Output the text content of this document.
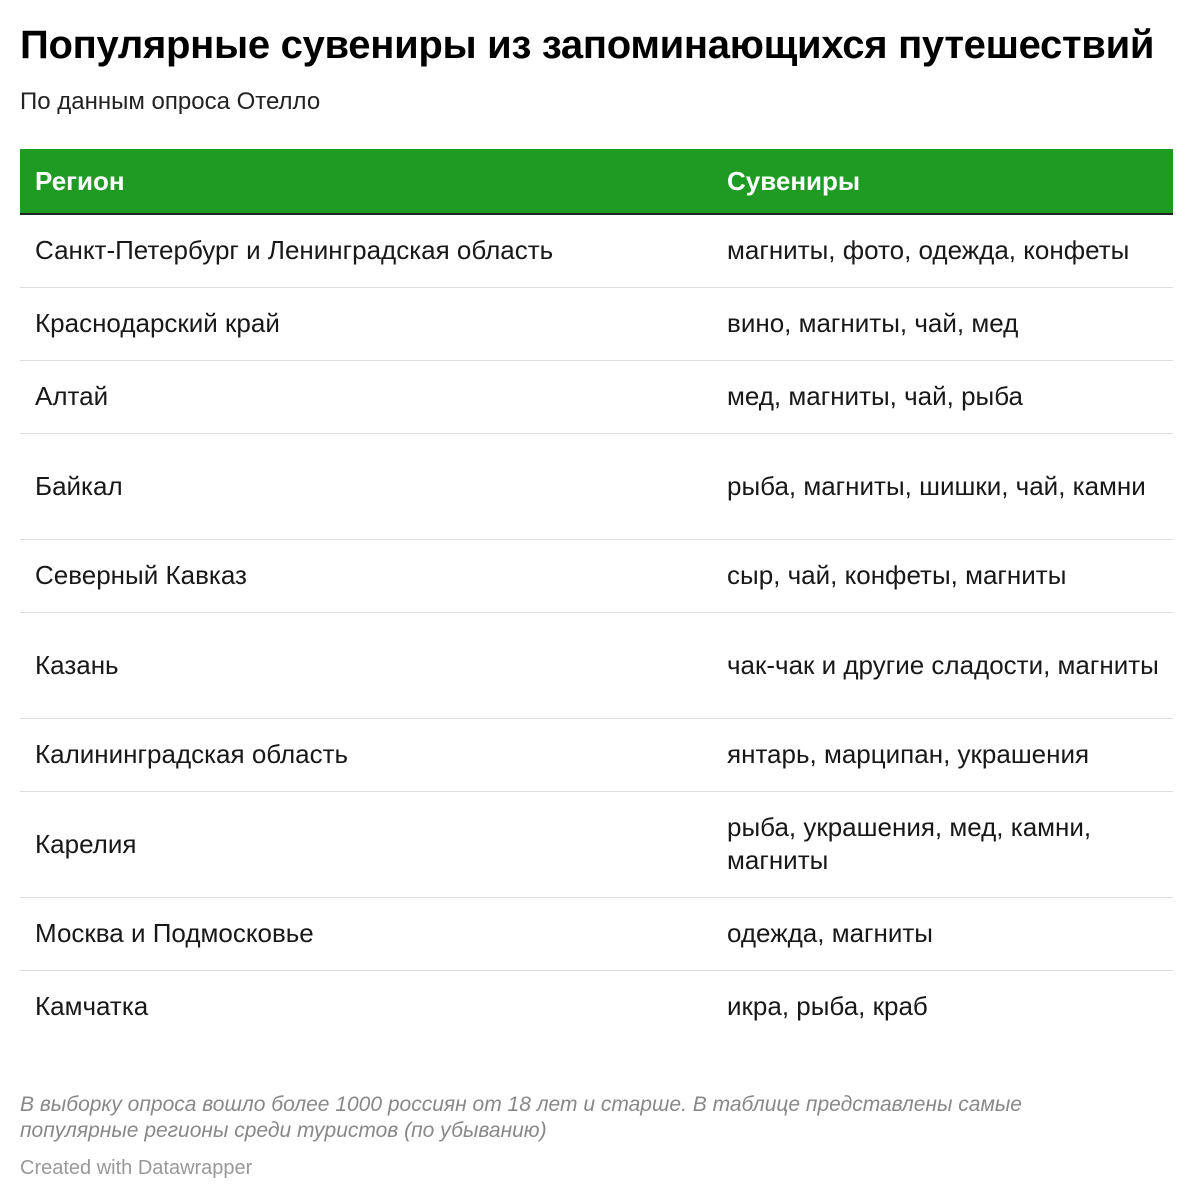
Популярные сувениры из запоминающихся путешествий

По данным опроса Отелло

Регион	Сувениры
Санкт-Петербург и Ленинградская область	магниты, фото, одежда, конфеты
Краснодарский край	вино, магниты, чай, мед
Алтай	мед, магниты, чай, рыба
Байкал	рыба, магниты, шишки, чай, камни
Северный Кавказ	сыр, чай, конфеты, магниты
Казань	чак-чак и другие сладости, магниты
Калининградская область	янтарь, марципан, украшения
Карелия	рыба, украшения, мед, камни, магниты
Москва и Подмосковье	одежда, магниты
Камчатка	икра, рыба, краб

В выборку опроса вошло более 1000 россиян от 18 лет и старше. В таблице представлены самые популярные регионы среди туристов (по убыванию)

Created with Datawrapper
